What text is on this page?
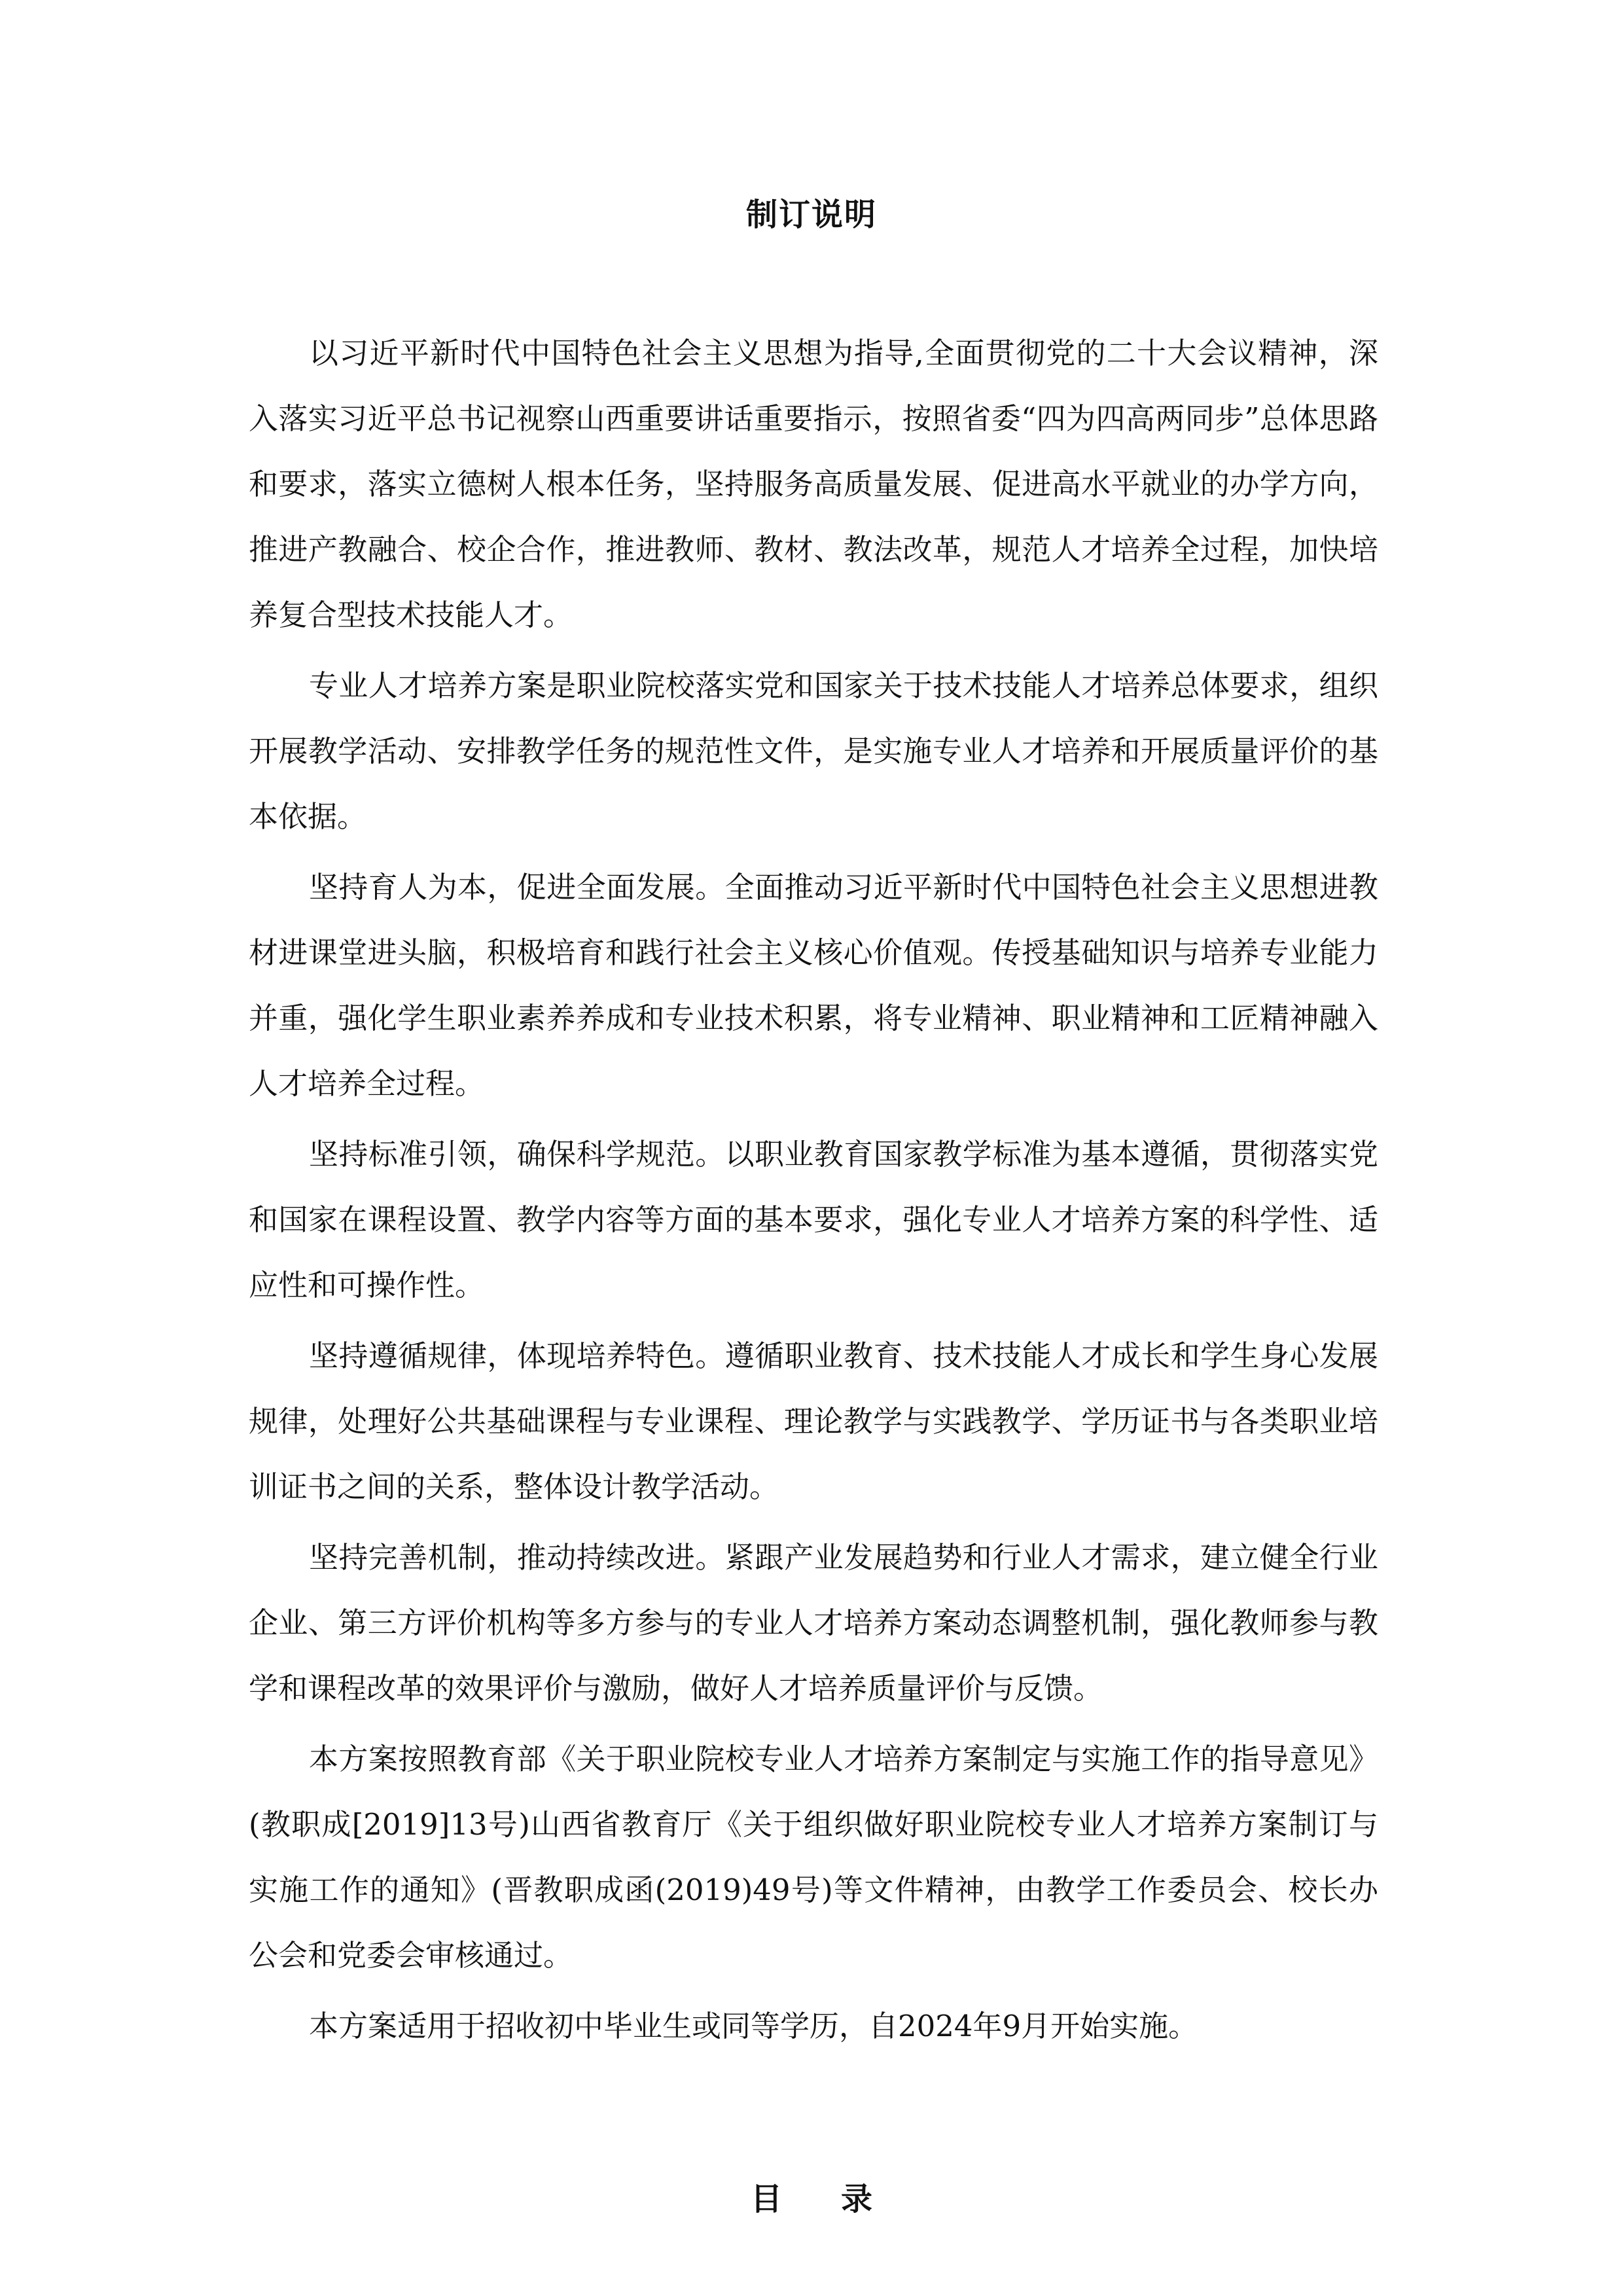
制订说明

以习近平新时代中国特色社会主义思想为指导,全面贯彻党的二十大会议精神，深入落实习近平总书记视察山西重要讲话重要指示，按照省委“四为四高两同步”总体思路和要求，落实立德树人根本任务，坚持服务高质量发展、促进高水平就业的办学方向，推进产教融合、校企合作，推进教师、教材、教法改革，规范人才培养全过程，加快培养复合型技术技能人才。

专业人才培养方案是职业院校落实党和国家关于技术技能人才培养总体要求，组织开展教学活动、安排教学任务的规范性文件，是实施专业人才培养和开展质量评价的基本依据。

坚持育人为本，促进全面发展。全面推动习近平新时代中国特色社会主义思想进教材进课堂进头脑，积极培育和践行社会主义核心价值观。传授基础知识与培养专业能力并重，强化学生职业素养养成和专业技术积累，将专业精神、职业精神和工匠精神融入人才培养全过程。

坚持标准引领，确保科学规范。以职业教育国家教学标准为基本遵循，贯彻落实党和国家在课程设置、教学内容等方面的基本要求，强化专业人才培养方案的科学性、适应性和可操作性。

坚持遵循规律，体现培养特色。遵循职业教育、技术技能人才成长和学生身心发展规律，处理好公共基础课程与专业课程、理论教学与实践教学、学历证书与各类职业培训证书之间的关系，整体设计教学活动。

坚持完善机制，推动持续改进。紧跟产业发展趋势和行业人才需求，建立健全行业企业、第三方评价机构等多方参与的专业人才培养方案动态调整机制，强化教师参与教学和课程改革的效果评价与激励，做好人才培养质量评价与反馈。

本方案按照教育部《关于职业院校专业人才培养方案制定与实施工作的指导意见》(教职成[2019]13号)山西省教育厅《关于组织做好职业院校专业人才培养方案制订与实施工作的通知》(晋教职成函(2019)49号)等文件精神，由教学工作委员会、校长办公会和党委会审核通过。

本方案适用于招收初中毕业生或同等学历，自2024年9月开始实施。

目录
